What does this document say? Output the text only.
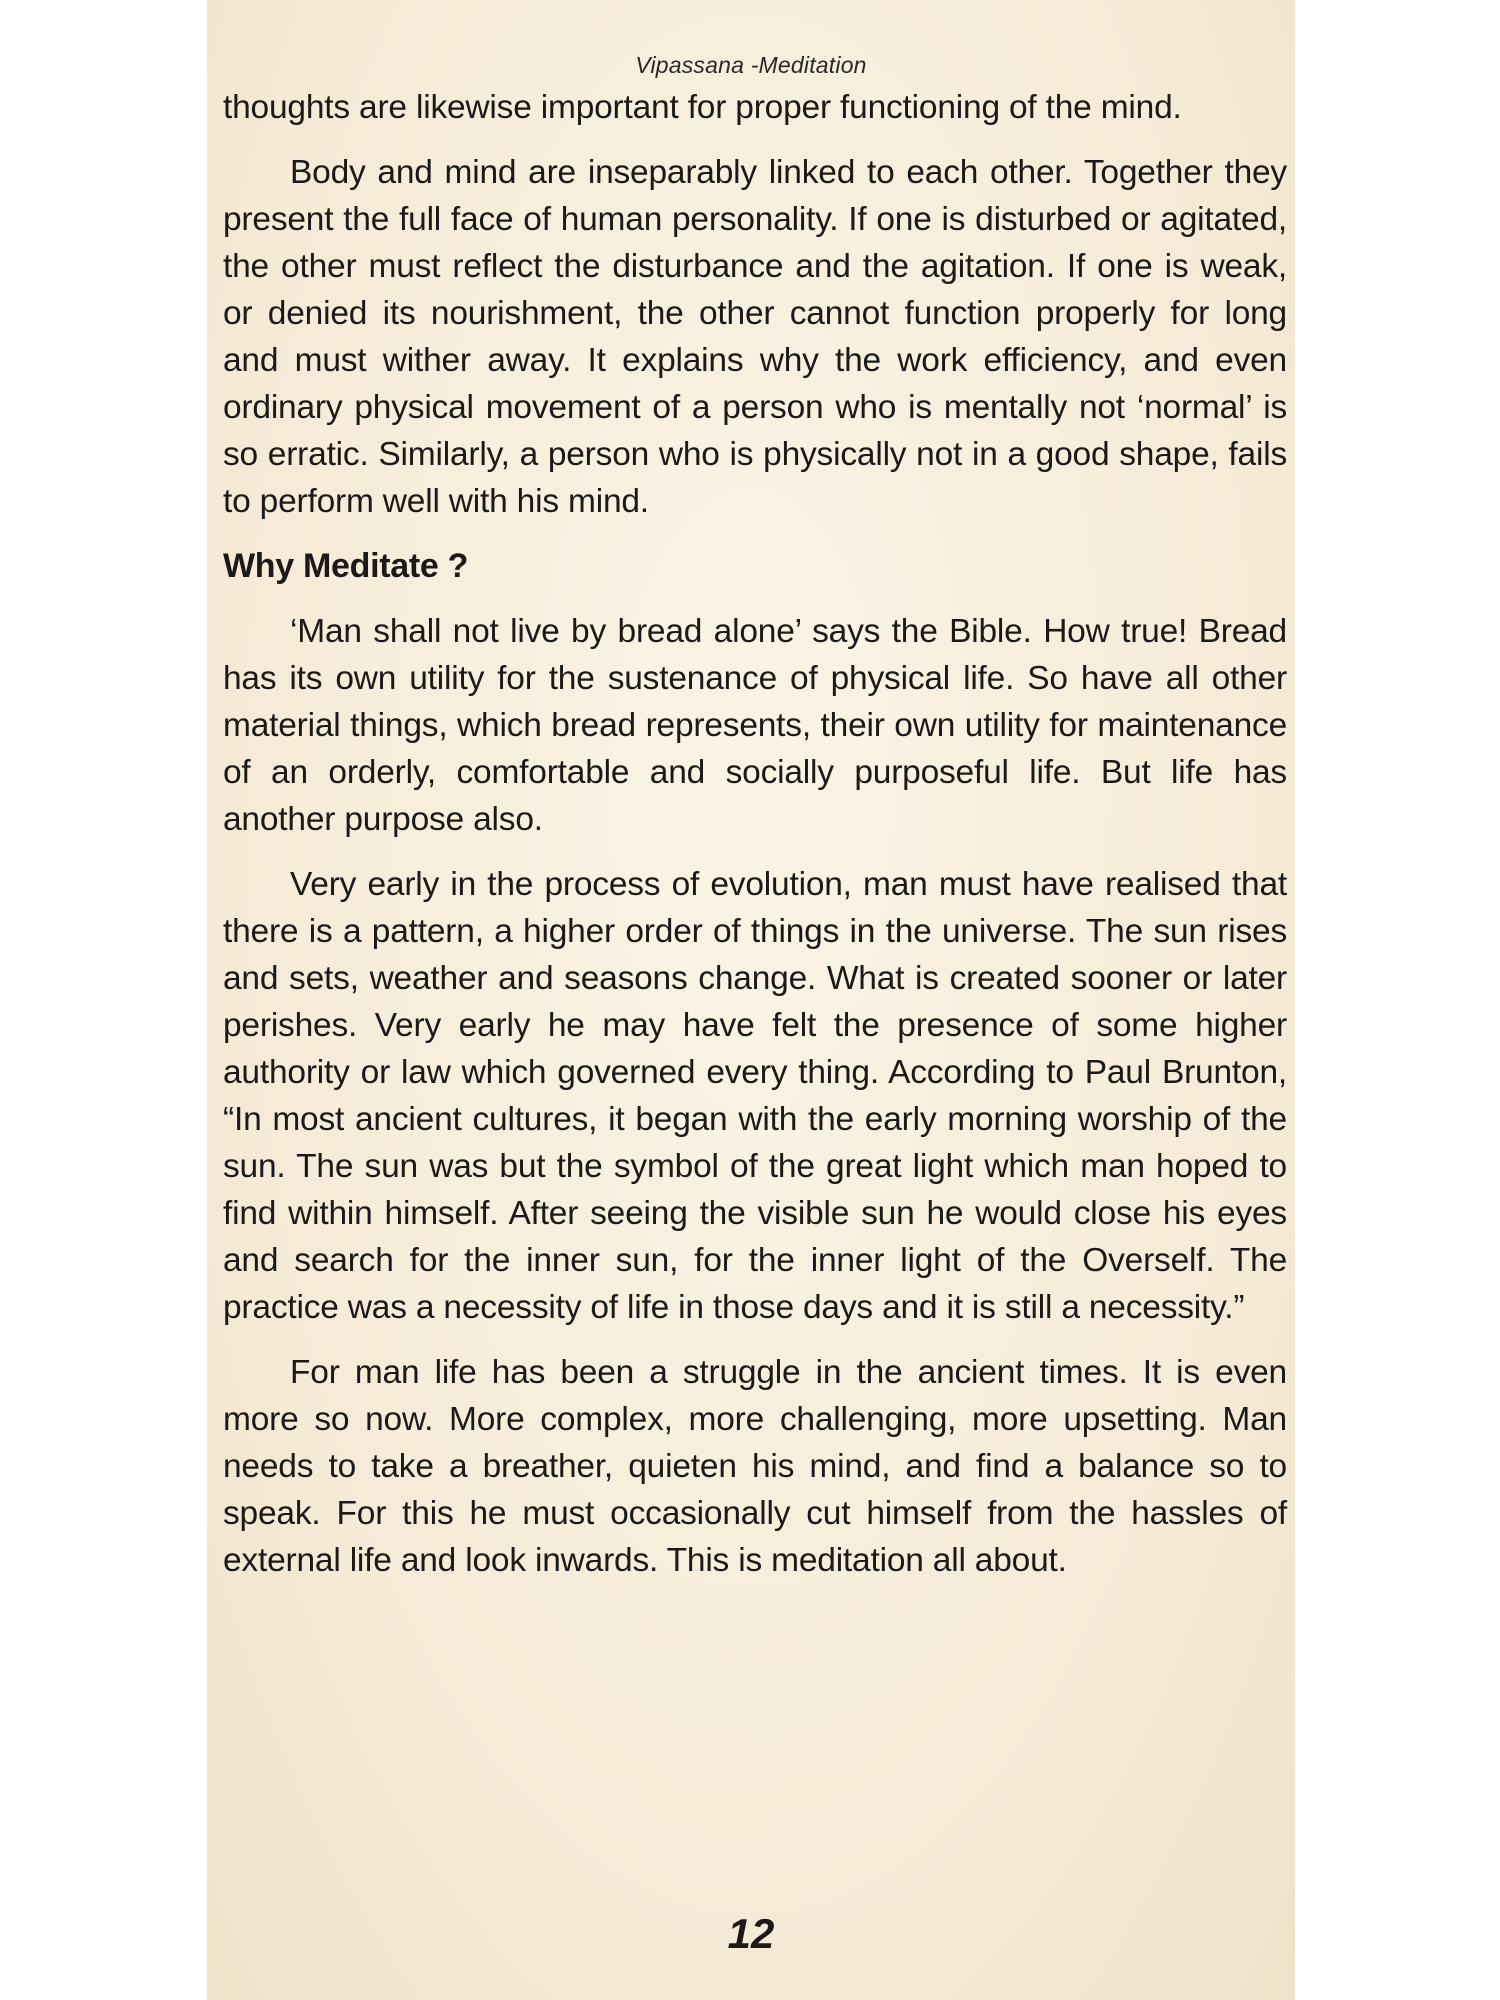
Vipassana -Meditation

thoughts are likewise important for proper functioning of the mind.

Body and mind are inseparably linked to each other. Together they present the full face of human personality. If one is disturbed or agitated, the other must reflect the disturbance and the agitation. If one is weak, or denied its nourishment, the other cannot function properly for long and must wither away. It explains why the work efficiency, and even ordinary physical movement of a person who is mentally not ‘normal’ is so erratic. Similarly, a person who is physically not in a good shape, fails to perform well with his mind.

Why Meditate ?

‘Man shall not live by bread alone’ says the Bible. How true! Bread has its own utility for the sustenance of physical life. So have all other material things, which bread represents, their own utility for maintenance of an orderly, comfortable and socially purposeful life. But life has another purpose also.

Very early in the process of evolution, man must have realised that there is a pattern, a higher order of things in the universe. The sun rises and sets, weather and seasons change. What is created sooner or later perishes. Very early he may have felt the presence of some higher authority or law which governed every thing. According to Paul Brunton, “In most ancient cultures, it began with the early morning worship of the sun. The sun was but the symbol of the great light which man hoped to find within himself. After seeing the visible sun he would close his eyes and search for the inner sun, for the inner light of the Overself. The practice was a necessity of life in those days and it is still a necessity.”

For man life has been a struggle in the ancient times. It is even more so now. More complex, more challenging, more upsetting. Man needs to take a breather, quieten his mind, and find a balance so to speak. For this he must occasionally cut himself from the hassles of external life and look inwards. This is meditation all about.

12
